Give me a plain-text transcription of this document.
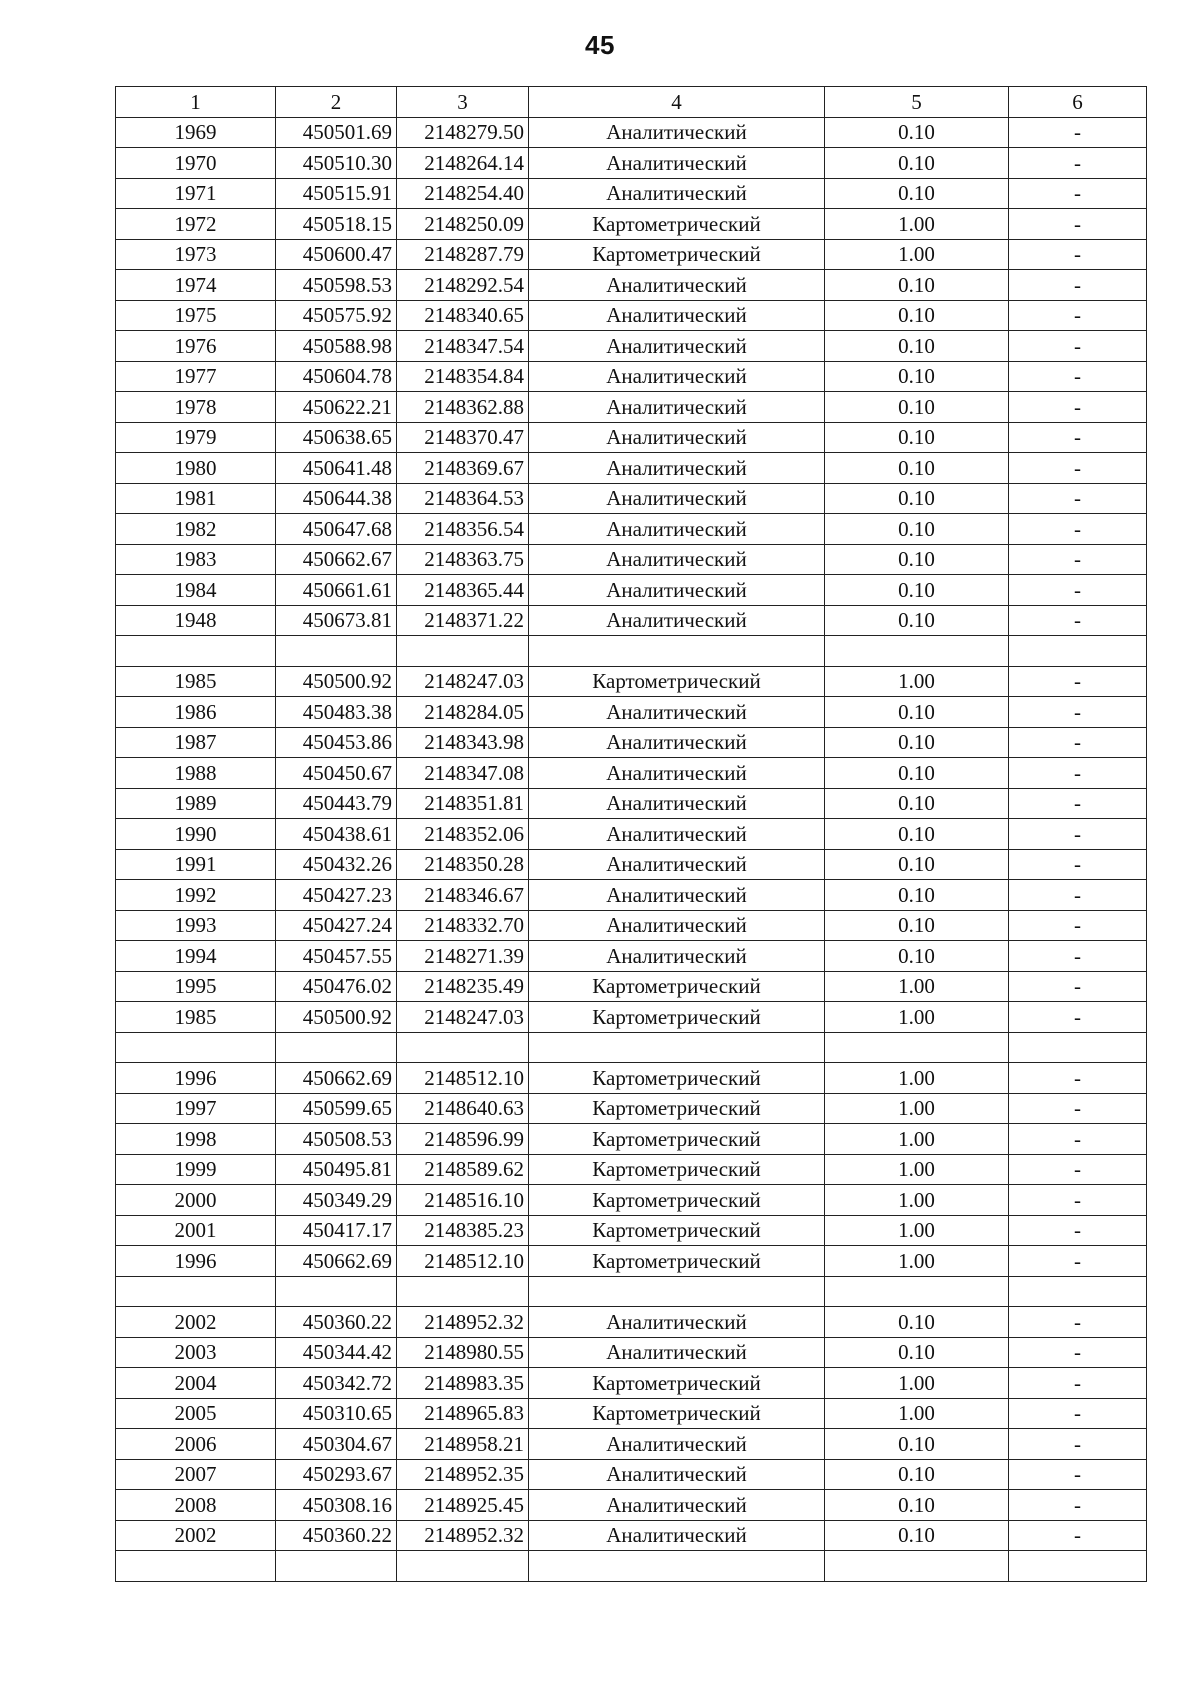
45
1	2	3	4	5	6
1969	450501.69	2148279.50	Аналитический	0.10	-
1970	450510.30	2148264.14	Аналитический	0.10	-
1971	450515.91	2148254.40	Аналитический	0.10	-
1972	450518.15	2148250.09	Картометрический	1.00	-
1973	450600.47	2148287.79	Картометрический	1.00	-
1974	450598.53	2148292.54	Аналитический	0.10	-
1975	450575.92	2148340.65	Аналитический	0.10	-
1976	450588.98	2148347.54	Аналитический	0.10	-
1977	450604.78	2148354.84	Аналитический	0.10	-
1978	450622.21	2148362.88	Аналитический	0.10	-
1979	450638.65	2148370.47	Аналитический	0.10	-
1980	450641.48	2148369.67	Аналитический	0.10	-
1981	450644.38	2148364.53	Аналитический	0.10	-
1982	450647.68	2148356.54	Аналитический	0.10	-
1983	450662.67	2148363.75	Аналитический	0.10	-
1984	450661.61	2148365.44	Аналитический	0.10	-
1948	450673.81	2148371.22	Аналитический	0.10	-

1985	450500.92	2148247.03	Картометрический	1.00	-
1986	450483.38	2148284.05	Аналитический	0.10	-
1987	450453.86	2148343.98	Аналитический	0.10	-
1988	450450.67	2148347.08	Аналитический	0.10	-
1989	450443.79	2148351.81	Аналитический	0.10	-
1990	450438.61	2148352.06	Аналитический	0.10	-
1991	450432.26	2148350.28	Аналитический	0.10	-
1992	450427.23	2148346.67	Аналитический	0.10	-
1993	450427.24	2148332.70	Аналитический	0.10	-
1994	450457.55	2148271.39	Аналитический	0.10	-
1995	450476.02	2148235.49	Картометрический	1.00	-
1985	450500.92	2148247.03	Картометрический	1.00	-

1996	450662.69	2148512.10	Картометрический	1.00	-
1997	450599.65	2148640.63	Картометрический	1.00	-
1998	450508.53	2148596.99	Картометрический	1.00	-
1999	450495.81	2148589.62	Картометрический	1.00	-
2000	450349.29	2148516.10	Картометрический	1.00	-
2001	450417.17	2148385.23	Картометрический	1.00	-
1996	450662.69	2148512.10	Картометрический	1.00	-

2002	450360.22	2148952.32	Аналитический	0.10	-
2003	450344.42	2148980.55	Аналитический	0.10	-
2004	450342.72	2148983.35	Картометрический	1.00	-
2005	450310.65	2148965.83	Картометрический	1.00	-
2006	450304.67	2148958.21	Аналитический	0.10	-
2007	450293.67	2148952.35	Аналитический	0.10	-
2008	450308.16	2148925.45	Аналитический	0.10	-
2002	450360.22	2148952.32	Аналитический	0.10	-
